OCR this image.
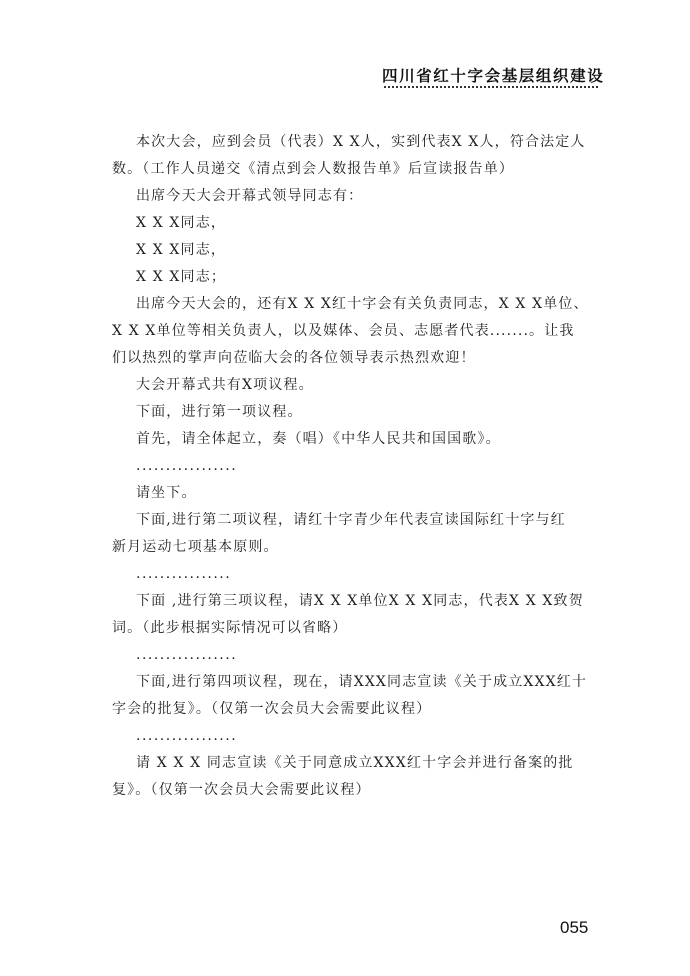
四川省红十字会基层组织建设
本次大会，应到会员（代表）X X人，实到代表X X人，符合法定人
数。（工作人员递交《清点到会人数报告单》后宣读报告单）
出席今天大会开幕式领导同志有：
X X X同志，
X X X同志，
X X X同志；
出席今天大会的，还有X X X红十字会有关负责同志，X X X单位、
X X X单位等相关负责人，以及媒体、会员、志愿者代表.......。让我
们以热烈的掌声向莅临大会的各位领导表示热烈欢迎！
大会开幕式共有X项议程。
下面，进行第一项议程。
首先，请全体起立，奏（唱）《中华人民共和国国歌》。
.................
请坐下。
下面,进行第二项议程，请红十字青少年代表宣读国际红十字与红
新月运动七项基本原则。
................
下面 ,进行第三项议程，请X X X单位X X X同志，代表X X X致贺
词。（此步根据实际情况可以省略）
.................
下面,进行第四项议程，现在，请XXX同志宣读《关于成立XXX红十
字会的批复》。（仅第一次会员大会需要此议程）
.................
请 X X X 同志宣读《关于同意成立XXX红十字会并进行备案的批
复》。（仅第一次会员大会需要此议程）
055
